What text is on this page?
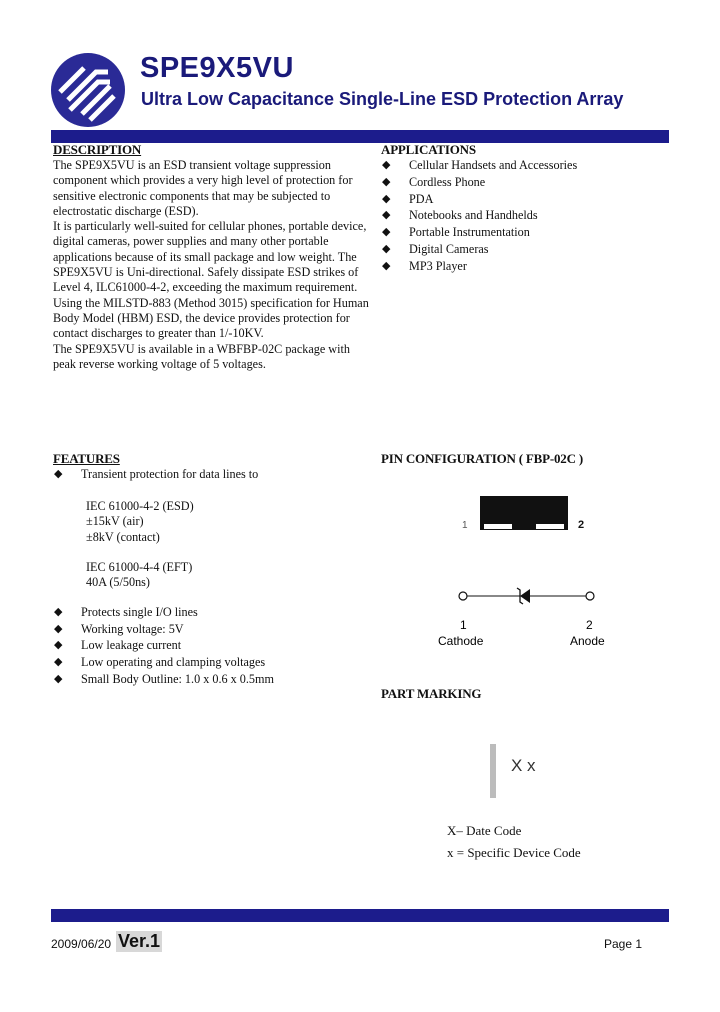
SPE9X5VU
Ultra Low Capacitance Single-Line ESD Protection Array
DESCRIPTION

The SPE9X5VU is an ESD transient voltage suppression component which provides a very high level of protection for sensitive electronic components that may be subjected to electrostatic discharge (ESD).

It is particularly well-suited for cellular phones, portable device, digital cameras, power supplies and many other portable applications because of its small package and low weight. The SPE9X5VU is Uni-directional. Safely dissipate ESD strikes of Level 4, ILC61000-4-2, exceeding the maximum requirement. Using the MILSTD-883 (Method 3015) specification for Human Body Model (HBM) ESD, the device provides protection for contact discharges to greater than 1/-10KV.

The SPE9X5VU is available in a WBFBP-02C package with peak reverse working voltage of 5 voltages.

APPLICATIONS
◆ Cellular Handsets and Accessories
◆ Cordless Phone
◆ PDA
◆ Notebooks and Handhelds
◆ Portable Instrumentation
◆ Digital Cameras
◆ MP3 Player
FEATURES
◆ Transient protection for data lines to
IEC 61000-4-2 (ESD)
±15kV (air)
±8kV (contact)
IEC 61000-4-4 (EFT)
40A (5/50ns)
◆ Protects single I/O lines
◆ Working voltage: 5V
◆ Low leakage current
◆ Low operating and clamping voltages
◆ Small Body Outline: 1.0 x 0.6 x 0.5mm
PIN CONFIGURATION ( FBP-02C )
1	2
1
Cathode
2
Anode
PART MARKING
X x
X– Date Code
x = Specific Device Code
2009/06/20 Ver.1	Page 1
